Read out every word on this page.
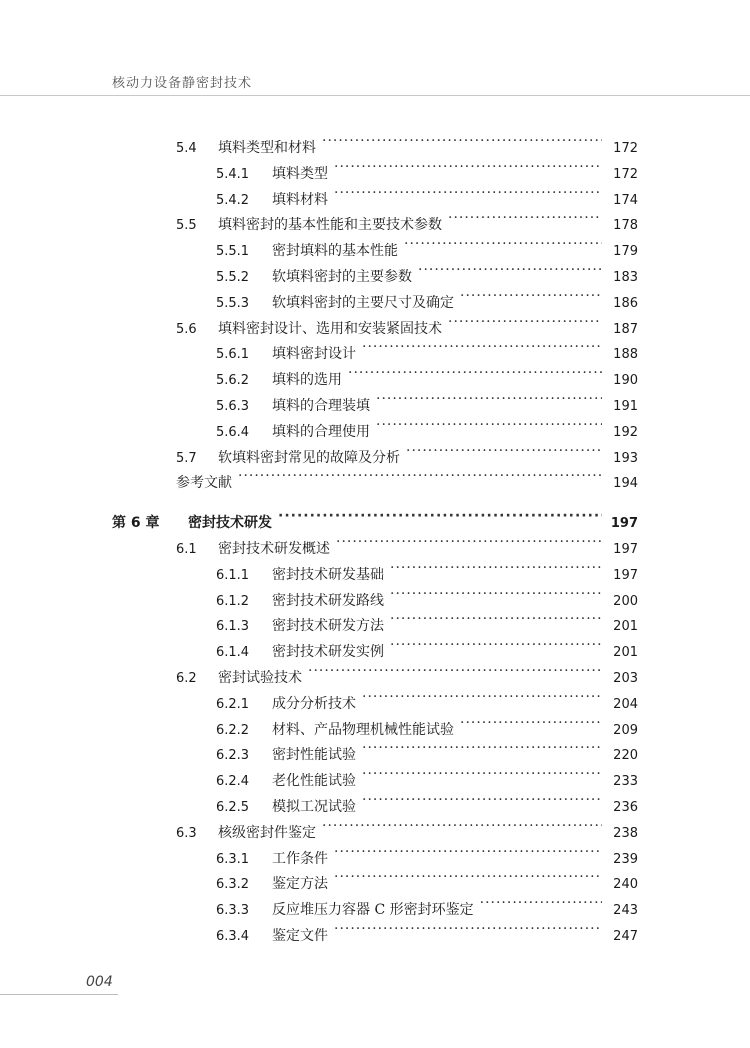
核动力设备静密封技术
5.4	填料类型和材料 ·····	172
5.4.1	填料类型 ·····	172
5.4.2	填料材料 ·····	174
5.5	填料密封的基本性能和主要技术参数 ·····	178
5.5.1	密封填料的基本性能 ·····	179
5.5.2	软填料密封的主要参数 ·····	183
5.5.3	软填料密封的主要尺寸及确定 ·····	186
5.6	填料密封设计、选用和安装紧固技术 ·····	187
5.6.1	填料密封设计 ·····	188
5.6.2	填料的选用 ·····	190
5.6.3	填料的合理装填 ·····	191
5.6.4	填料的合理使用 ·····	192
5.7	软填料密封常见的故障及分析 ·····	193
参考文献 ·····	194
第 6 章	密封技术研发 ·····	197
6.1	密封技术研发概述 ·····	197
6.1.1	密封技术研发基础 ·····	197
6.1.2	密封技术研发路线 ·····	200
6.1.3	密封技术研发方法 ·····	201
6.1.4	密封技术研发实例 ·····	201
6.2	密封试验技术 ·····	203
6.2.1	成分分析技术 ·····	204
6.2.2	材料、产品物理机械性能试验 ·····	209
6.2.3	密封性能试验 ·····	220
6.2.4	老化性能试验 ·····	233
6.2.5	模拟工况试验 ·····	236
6.3	核级密封件鉴定 ·····	238
6.3.1	工作条件 ·····	239
6.3.2	鉴定方法 ·····	240
6.3.3	反应堆压力容器 C 形密封环鉴定 ·····	243
6.3.4	鉴定文件 ·····	247
004
